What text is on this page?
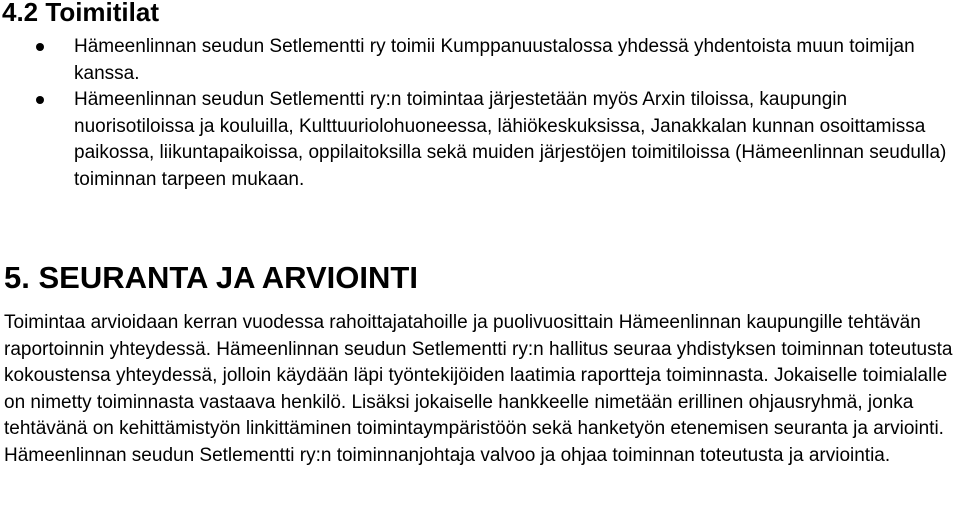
4.2 Toimitilat
Hämeenlinnan seudun Setlementti ry toimii Kumppanuustalossa yhdessä yhdentoista muun toimijan kanssa.
Hämeenlinnan seudun Setlementti ry:n toimintaa järjestetään myös Arxin tiloissa, kaupungin nuorisotiloissa ja kouluilla, Kulttuuriolohuoneessa, lähiökeskuksissa, Janakkalan kunnan osoittamissa paikossa, liikuntapaikoissa, oppilaitoksilla sekä muiden järjestöjen toimitiloissa (Hämeenlinnan seudulla) toiminnan tarpeen mukaan.
5. SEURANTA JA ARVIOINTI

Toimintaa arvioidaan kerran vuodessa rahoittajatahoille ja puolivuosittain Hämeenlinnan kaupungille tehtävän raportoinnin yhteydessä. Hämeenlinnan seudun Setlementti ry:n hallitus seuraa yhdistyksen toiminnan toteutusta kokoustensa yhteydessä, jolloin käydään läpi työntekijöiden laatimia raportteja toiminnasta. Jokaiselle toimialalle on nimetty toiminnasta vastaava henkilö. Lisäksi jokaiselle hankkeelle nimetään erillinen ohjausryhmä, jonka tehtävänä on kehittämistyön linkittäminen toimintaympäristöön sekä hanketyön etenemisen seuranta ja arviointi. Hämeenlinnan seudun Setlementti ry:n toiminnanjohtaja valvoo ja ohjaa toiminnan toteutusta ja arviointia.
